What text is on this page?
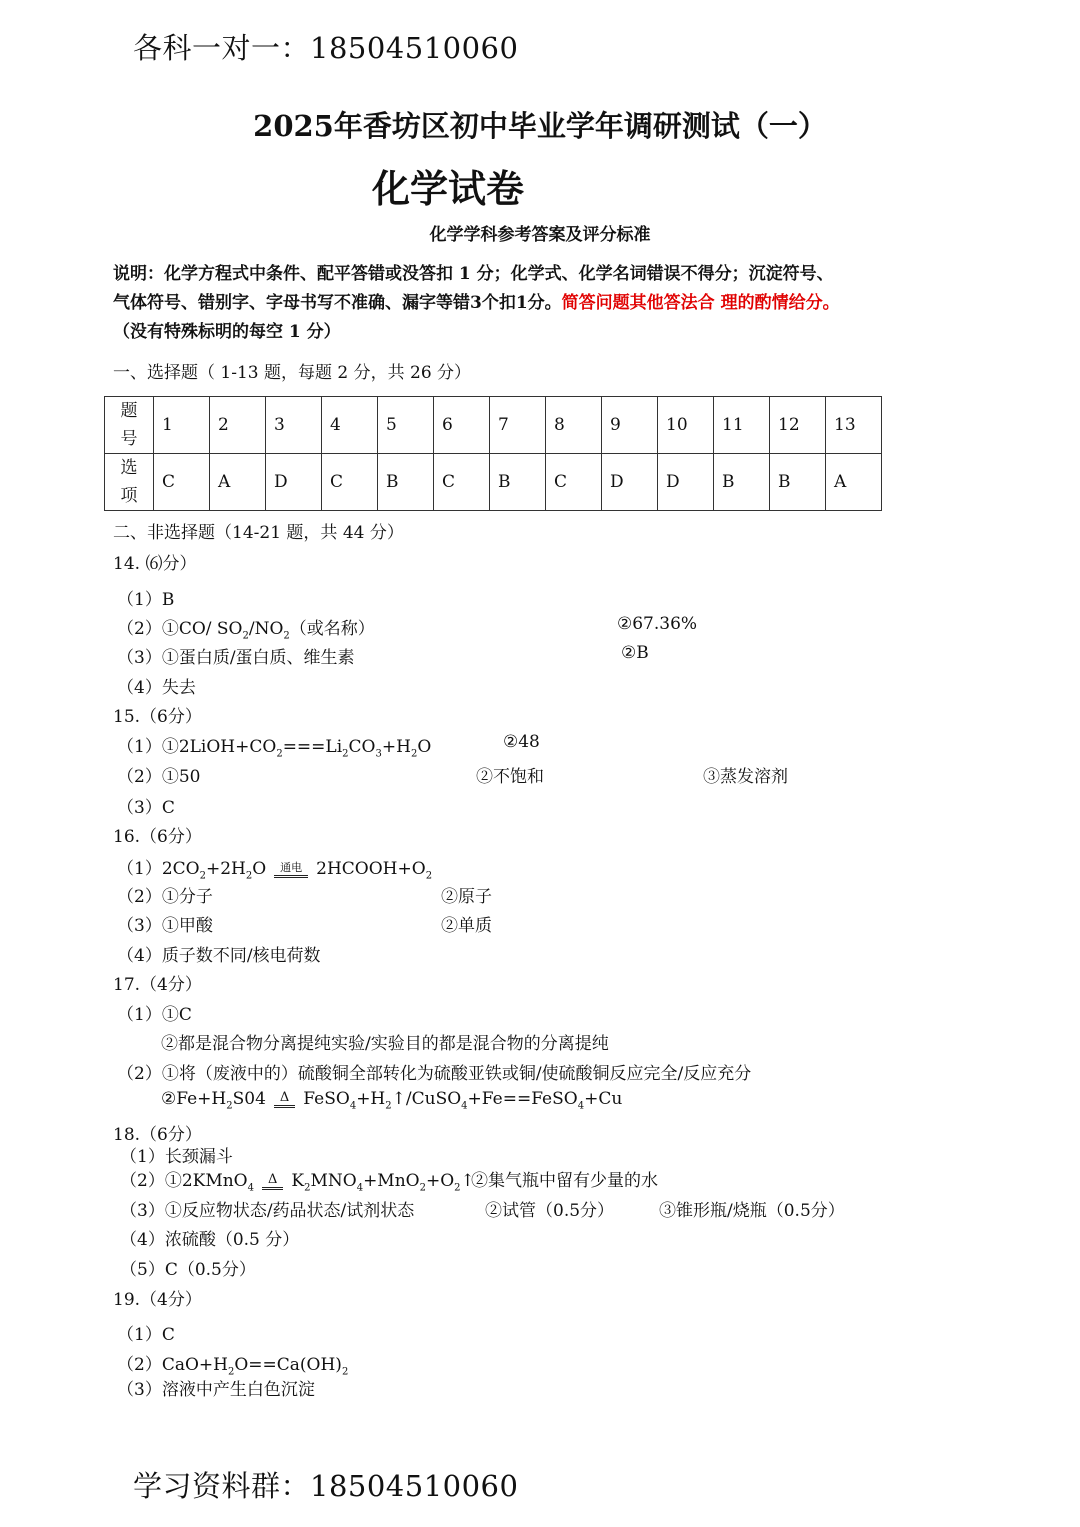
各科一对一：18504510060
2025年香坊区初中毕业学年调研测试（一）
化学试卷
化学学科参考答案及评分标准
说明：化学方程式中条件、配平答错或没答扣 1 分；化学式、化学名词错误不得分；沉淀符号、
气体符号、错别字、字母书写不准确、漏字等错3个扣1分。简答问题其他答法合 理的酌情给分。
（没有特殊标明的每空 1 分）
一、选择题（ 1-13 题，每题 2 分，共 26 分）
题
号	1	2	3	4	5	6	7	8	9	10	11	12	13
选
项	C	A	D	C	B	C	B	C	D	D	B	B	A
二、非选择题（14-21 题，共 44 分）
14. ⑹分）
（1）B
（2）①CO/ $SO_2/NO_2$（或名称）	②67.36%
（3）①蛋白质/蛋白质、维生素	②B
（4）失去
15.（6分）
$(1)①2LiOH+CO_2===Li_2CO_3+H_2O$	②48
（2）①50	②不饱和	③蒸发溶剂
（3）C
16.（6分）
$(1)2CO_2+2H_2O$ 通电 $2HCOOH+O_2$
（2）①分子	②原子
（3）①甲酸	②单质
（4）质子数不同/核电荷数
17.（4分）
（1）①C
②都是混合物分离提纯实验/实验目的都是混合物的分离提纯
（2）①将（废液中的）硫酸铜全部转化为硫酸亚铁或铜/使硫酸铜反应完全/反应充分
$②Fe+H_2S04$ Δ $FeSO_4+H_2↑/CuSO_4+Fe==FeSO_4+Cu$
18.（6分）
（1）长颈漏斗
（2）①2KMnO$_4$Δ $K_2MNO_4+MnO_2+O_2↑$
②集气瓶中留有少量的水
（3）①反应物状态/药品状态/试剂状态	②试管（0.5分）	③锥形瓶/烧瓶（0.5分）
（4）浓硫酸（0.5 分）
（5）C（0.5分）
19.（4分）
（1）C
$(2)CaO+H_2O==Ca(OH)_2$
（3）溶液中产生白色沉淀
学习资料群：18504510060
